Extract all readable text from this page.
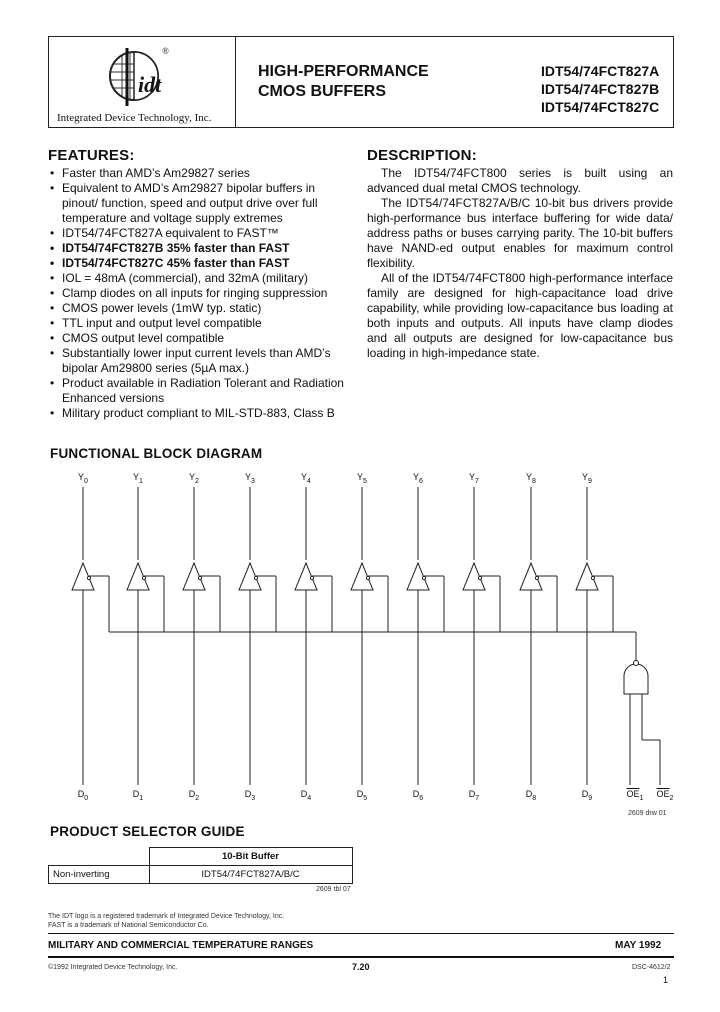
idt
®
Integrated Device Technology, Inc.
HIGH-PERFORMANCE
CMOS BUFFERS
IDT54/74FCT827A
IDT54/74FCT827B
IDT54/74FCT827C
FEATURES:
• Faster than AMD’s Am29827 series
• Equivalent to AMD’s Am29827 bipolar buffers in pinout/ function, speed and output drive over full temperature and voltage supply extremes
• IDT54/74FCT827A equivalent to FAST™
• IDT54/74FCT827B 35% faster than FAST
• IDT54/74FCT827C 45% faster than FAST
• IOL = 48mA (commercial), and 32mA (military)
• Clamp diodes on all inputs for ringing suppression
• CMOS power levels (1mW typ. static)
• TTL input and output level compatible
• CMOS output level compatible
• Substantially lower input current levels than AMD’s bipolar Am29800 series (5µA max.)
• Product available in Radiation Tolerant and Radiation Enhanced versions
• Military product compliant to MIL-STD-883, Class B
DESCRIPTION:

The IDT54/74FCT800 series is built using an advanced dual metal CMOS technology.

The IDT54/74FCT827A/B/C 10-bit bus drivers provide high-performance bus interface buffering for wide data/ address paths or buses carrying parity. The 10-bit buffers have NAND-ed output enables for maximum control flexibility.

All of the IDT54/74FCT800 high-performance interface family are designed for high-capacitance load drive capability, while providing low-capacitance bus loading at both inputs and outputs. All inputs have clamp diodes and all outputs are designed for low-capacitance bus loading in high-impedance state.

FUNCTIONAL BLOCK DIAGRAM
$Y_0$	$Y_1$	$Y_2$	$Y_3$	$Y_4$	$Y_5$	$Y_6$	$Y_7$	$Y_8$	$Y_9$
$D_0$	$D_1$	$D_2$	$D_3$	$D_4$	$D_5$	$D_6$	$D_7$	$D_8$	$D_9$	$\overline{OE}_1$	$\overline{OE}_2$
2609 drw 01
PRODUCT SELECTOR GUIDE
	10-Bit Buffer
Non-inverting	IDT54/74FCT827A/B/C
2609 tbl 07
The IDT logo is a registered trademark of Integrated Device Technology, Inc.
FAST is a trademark of National Semiconductor Co.
MILITARY AND COMMERCIAL TEMPERATURE RANGES	MAY 1992
©1992 Integrated Device Technology, Inc.	7.20	DSC-4612/2
1
